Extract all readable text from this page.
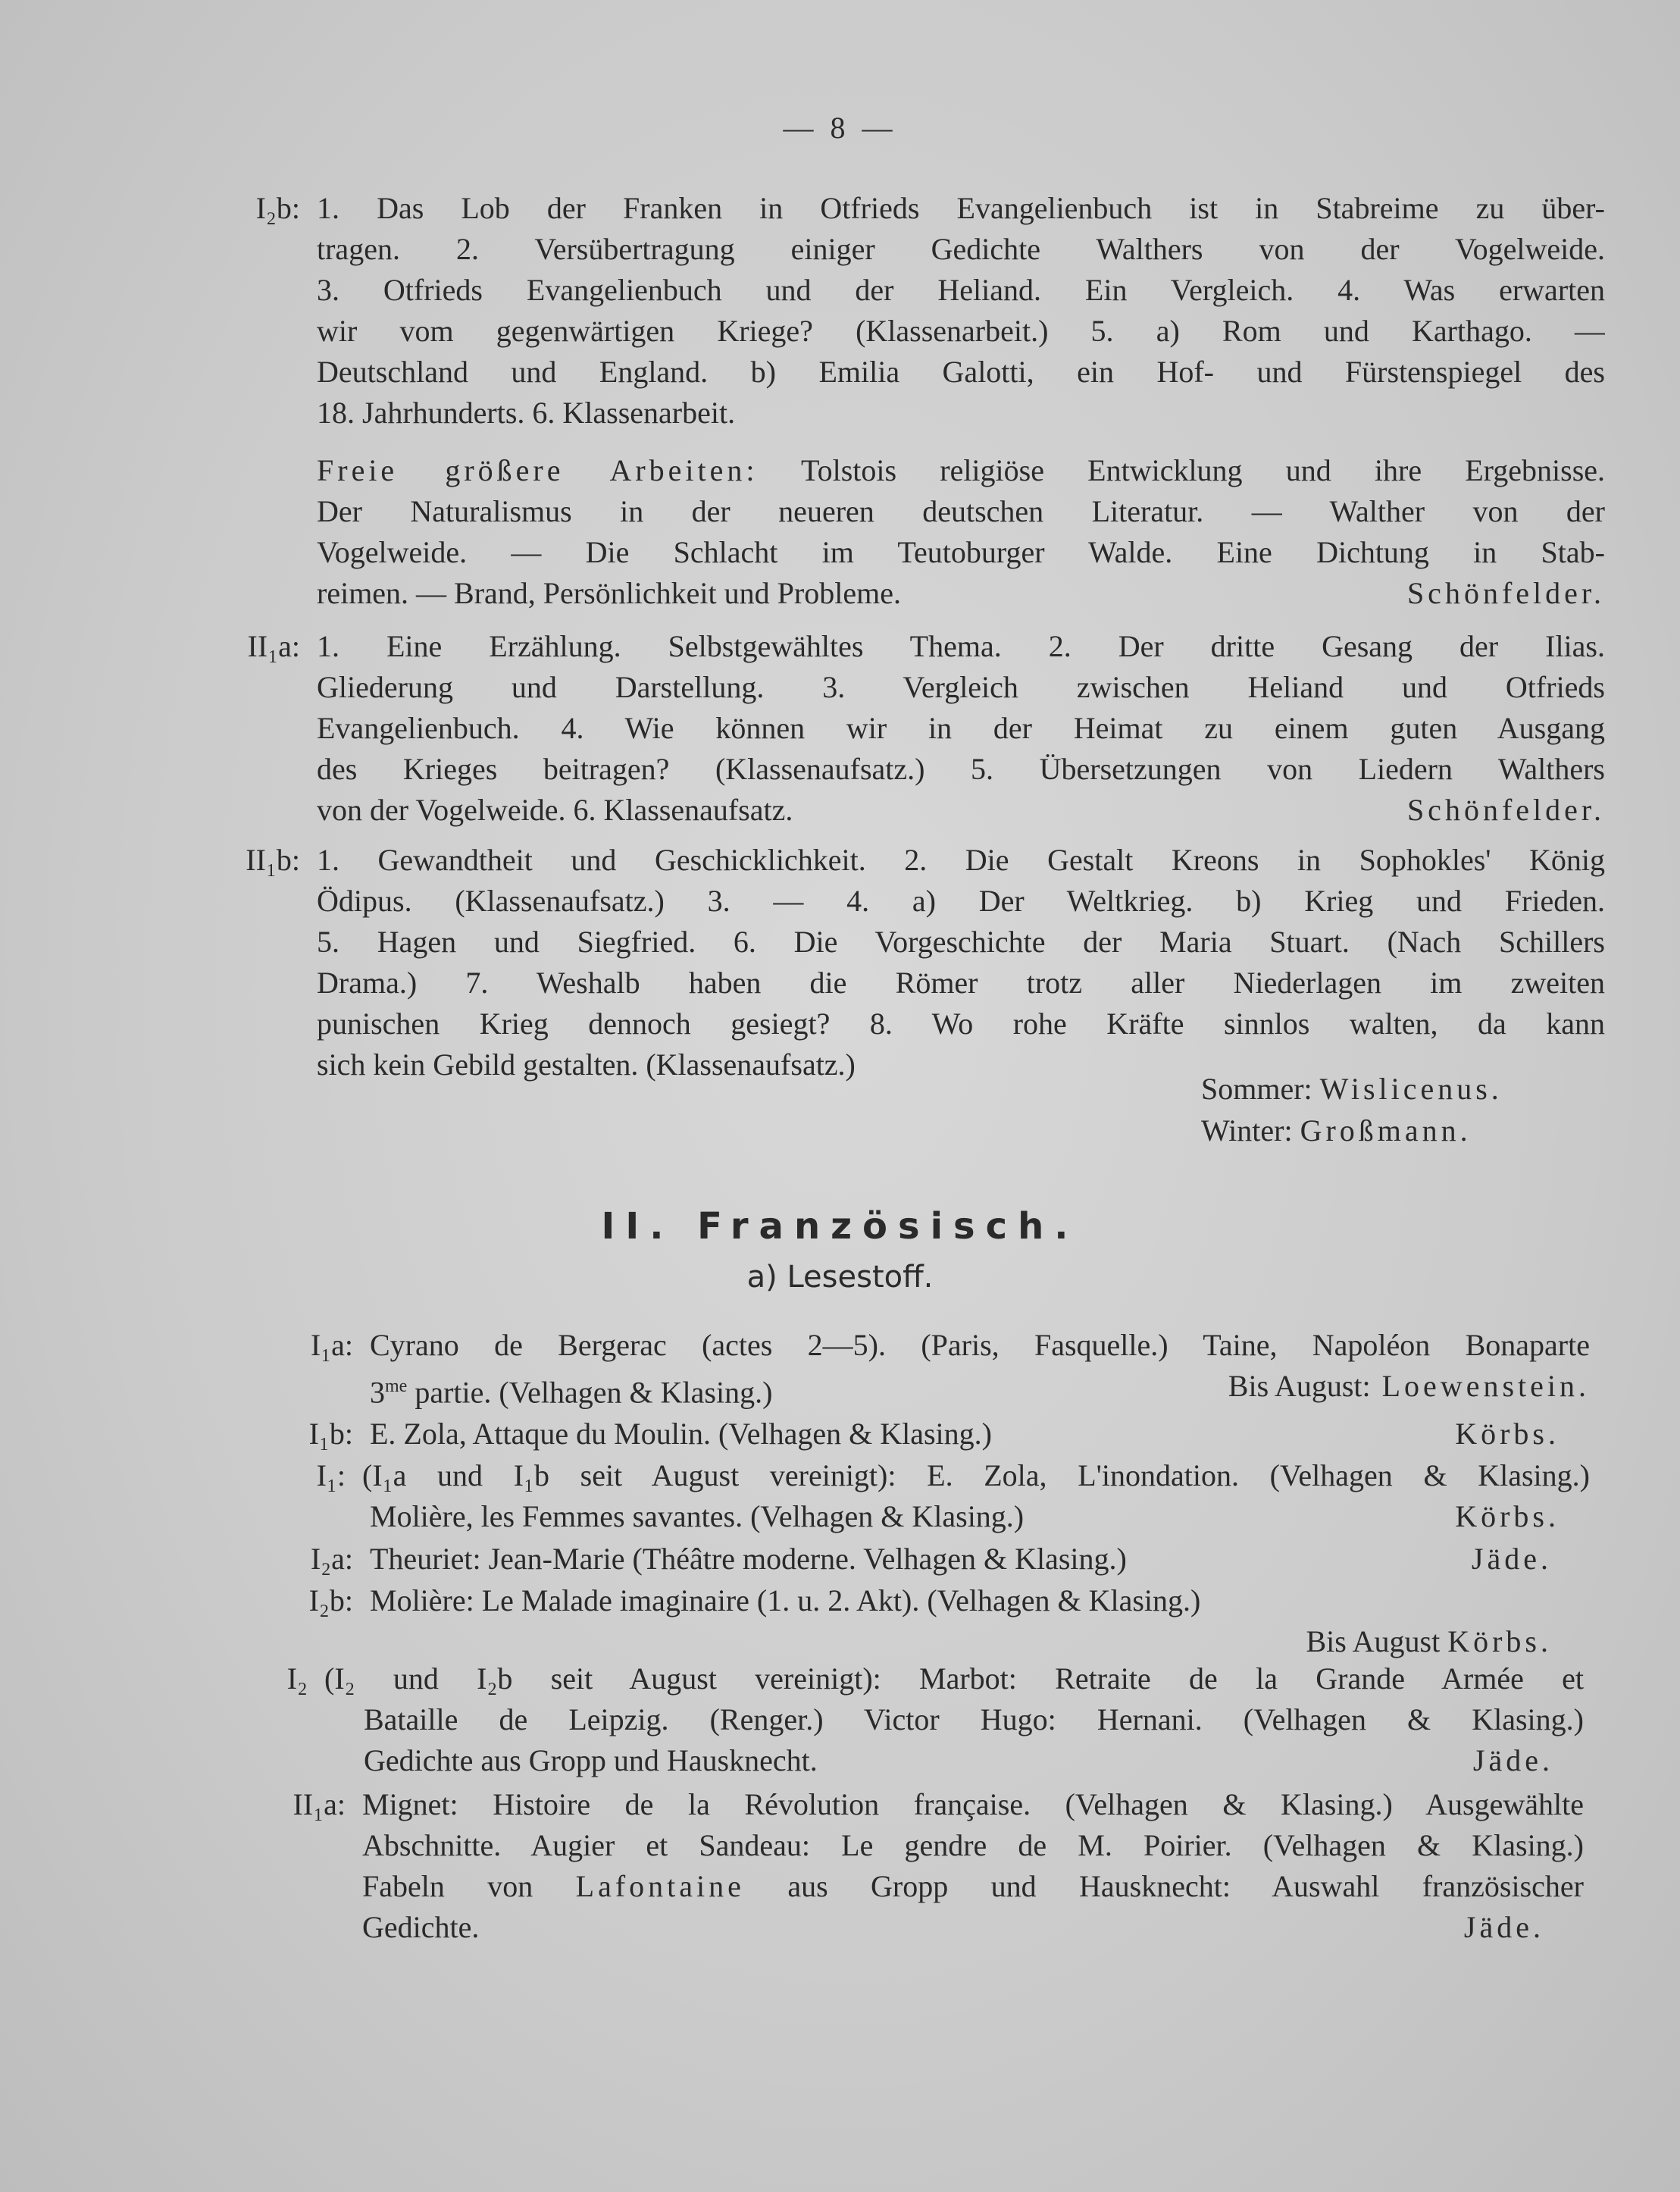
— 8 —
I₂b: 1. Das Lob der Franken in Otfrieds Evangelienbuch ist in Stabreime zu über-
tragen. 2. Versübertragung einiger Gedichte Walthers von der Vogelweide.
3. Otfrieds Evangelienbuch und der Heliand. Ein Vergleich. 4. Was erwarten
wir vom gegenwärtigen Kriege? (Klassenarbeit.) 5. a) Rom und Karthago. —
Deutschland und England. b) Emilia Galotti, ein Hof- und Fürstenspiegel des
18. Jahrhunderts. 6. Klassenarbeit.
Freie größere Arbeiten: Tolstois religiöse Entwicklung und ihre Ergebnisse.
Der Naturalismus in der neueren deutschen Literatur. — Walther von der
Vogelweide. — Die Schlacht im Teutoburger Walde. Eine Dichtung in Stab-
reimen. — Brand, Persönlichkeit und Probleme.	Schönfelder.
II₁a: 1. Eine Erzählung. Selbstgewähltes Thema. 2. Der dritte Gesang der Ilias.
Gliederung und Darstellung. 3. Vergleich zwischen Heliand und Otfrieds
Evangelienbuch. 4. Wie können wir in der Heimat zu einem guten Ausgang
des Krieges beitragen? (Klassenaufsatz.) 5. Übersetzungen von Liedern Walthers
von der Vogelweide. 6. Klassenaufsatz.	Schönfelder.
II₁b: 1. Gewandtheit und Geschicklichkeit. 2. Die Gestalt Kreons in Sophokles' König
Ödipus. (Klassenaufsatz.) 3. — 4. a) Der Weltkrieg. b) Krieg und Frieden.
5. Hagen und Siegfried. 6. Die Vorgeschichte der Maria Stuart. (Nach Schillers
Drama.) 7. Weshalb haben die Römer trotz aller Niederlagen im zweiten
punischen Krieg dennoch gesiegt? 8. Wo rohe Kräfte sinnlos walten, da kann
sich kein Gebild gestalten. (Klassenaufsatz.)
Sommer: Wislicenus.
Winter: Großmann.
II. Französisch.
a) Lesestoff.
I₁a: Cyrano de Bergerac (actes 2—5). (Paris, Fasquelle.) Taine, Napoléon Bonaparte
$3^{me}$ partie. (Velhagen & Klasing.)	Bis August: Loewenstein.
I₁b: E. Zola, Attaque du Moulin. (Velhagen & Klasing.)	Körbs.
I₁: (I₁a und I₁b seit August vereinigt): E. Zola, L'inondation. (Velhagen & Klasing.)
Molière, les Femmes savantes. (Velhagen & Klasing.)	Körbs.
I₂a: Theuriet: Jean-Marie (Théâtre moderne. Velhagen & Klasing.)	Jäde.
I₂b: Molière: Le Malade imaginaire (1. u. 2. Akt). (Velhagen & Klasing.)
Bis August Körbs.
I₂ (I₂ und I₂b seit August vereinigt): Marbot: Retraite de la Grande Armée et
Bataille de Leipzig. (Renger.) Victor Hugo: Hernani. (Velhagen & Klasing.)
Gedichte aus Gropp und Hausknecht.	Jäde.
II₁a: Mignet: Histoire de la Révolution française. (Velhagen & Klasing.) Ausgewählte
Abschnitte. Augier et Sandeau: Le gendre de M. Poirier. (Velhagen & Klasing.)
Fabeln von Lafontaine aus Gropp und Hausknecht: Auswahl französischer
Gedichte.	Jäde.
